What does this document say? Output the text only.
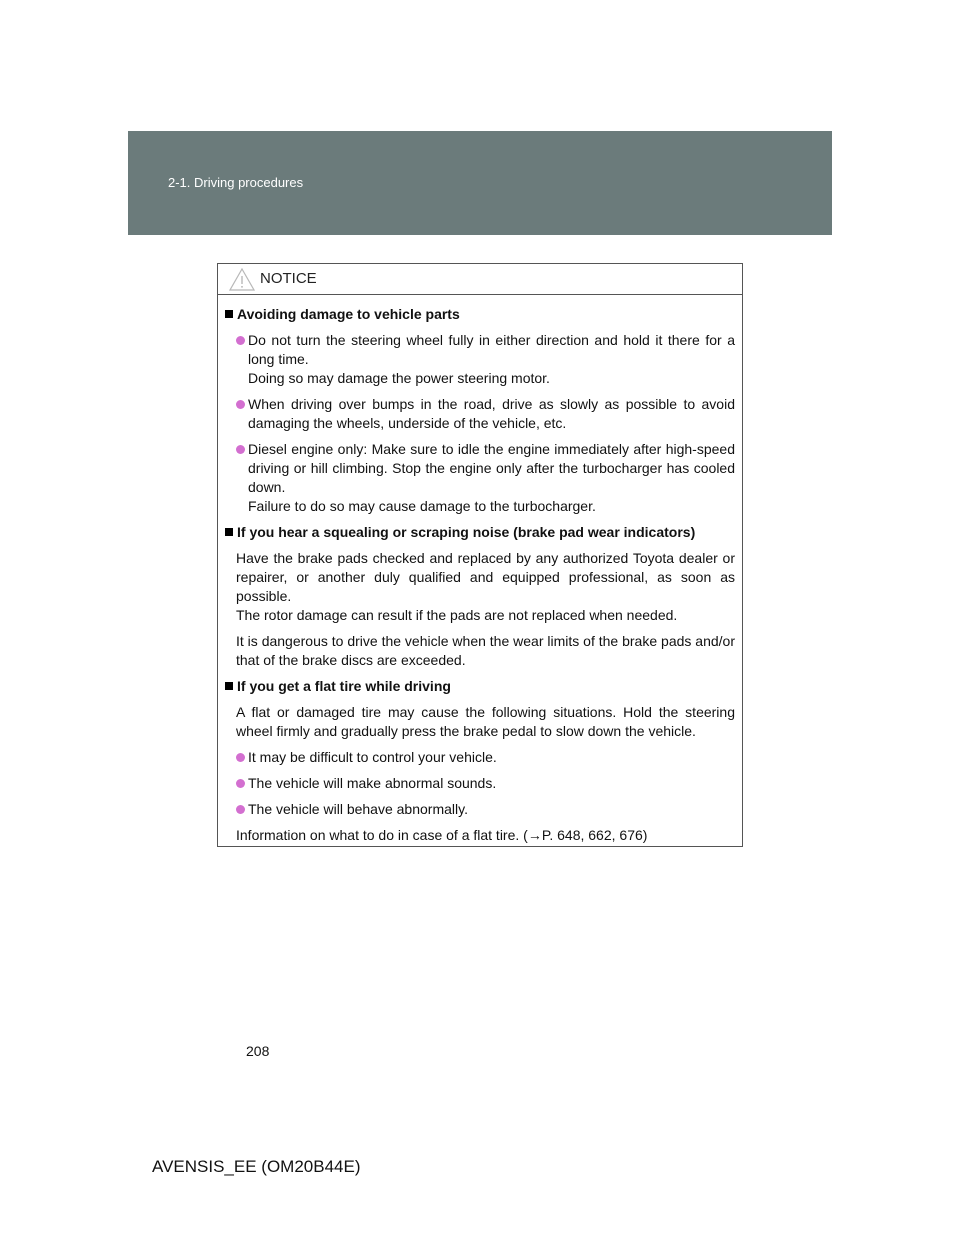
2-1. Driving procedures
NOTICE
Avoiding damage to vehicle parts
Do not turn the steering wheel fully in either direction and hold it there for a long time.
Doing so may damage the power steering motor.
When driving over bumps in the road, drive as slowly as possible to avoid damaging the wheels, underside of the vehicle, etc.
Diesel engine only: Make sure to idle the engine immediately after high-speed driving or hill climbing. Stop the engine only after the turbocharger has cooled down.
Failure to do so may cause damage to the turbocharger.
If you hear a squealing or scraping noise (brake pad wear indicators)
Have the brake pads checked and replaced by any authorized Toyota dealer or repairer, or another duly qualified and equipped professional, as soon as possible.
The rotor damage can result if the pads are not replaced when needed.
It is dangerous to drive the vehicle when the wear limits of the brake pads and/or that of the brake discs are exceeded.
If you get a flat tire while driving
A flat or damaged tire may cause the following situations. Hold the steering wheel firmly and gradually press the brake pedal to slow down the vehicle.
It may be difficult to control your vehicle.
The vehicle will make abnormal sounds.
The vehicle will behave abnormally.
Information on what to do in case of a flat tire. (→P. 648, 662, 676)
208
AVENSIS_EE (OM20B44E)
